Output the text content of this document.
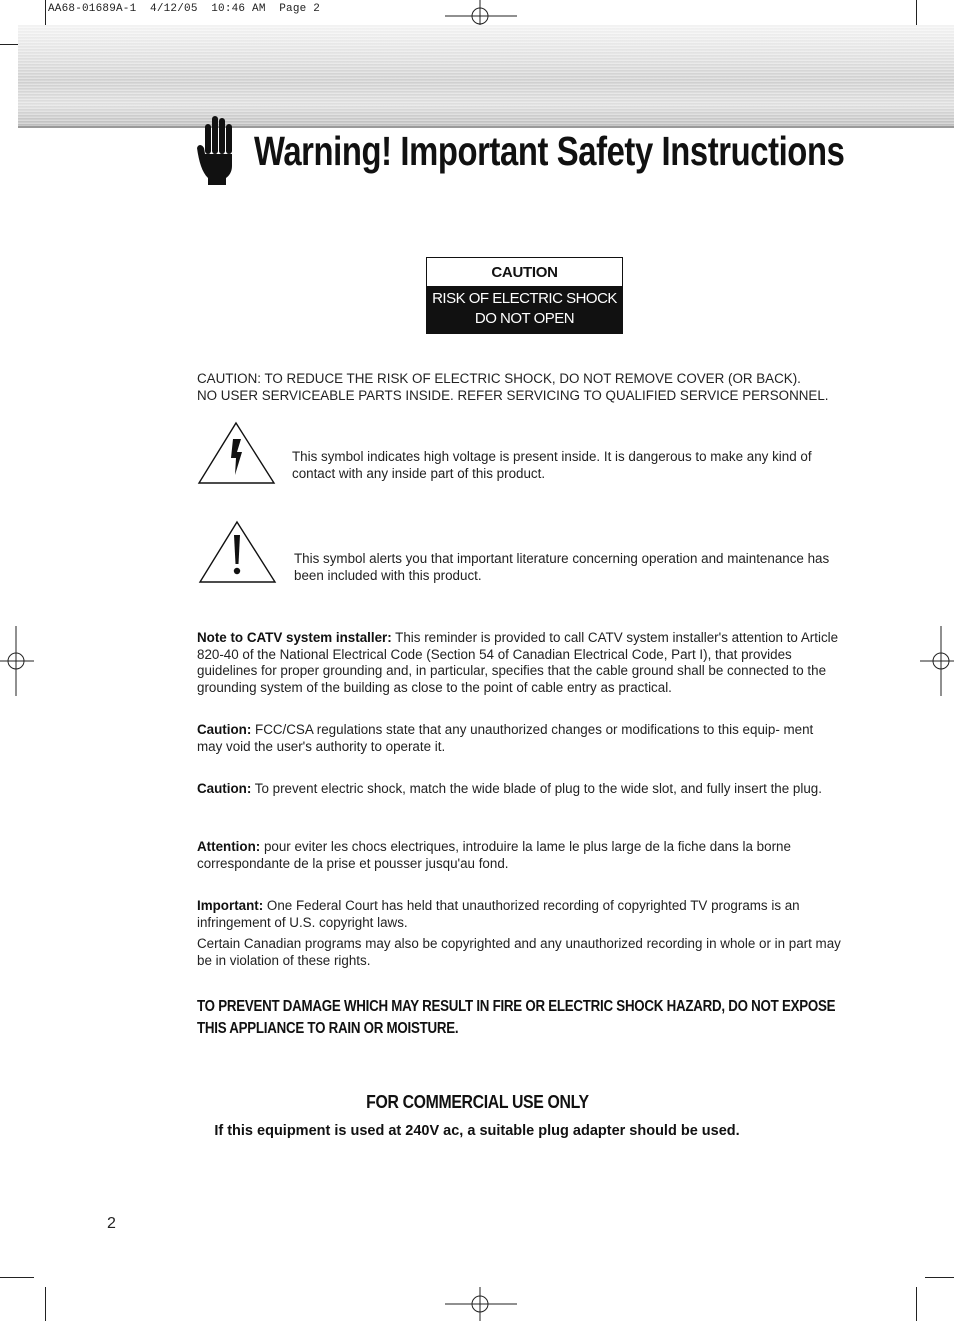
AA68-01689A-1  4/12/05  10:46 AM  Page 2
Warning! Important Safety Instructions
CAUTION
RISK OF ELECTRIC SHOCK
DO NOT OPEN
CAUTION: TO REDUCE THE RISK OF ELECTRIC SHOCK, DO NOT REMOVE COVER (OR BACK).
NO USER SERVICEABLE PARTS INSIDE. REFER SERVICING TO QUALIFIED SERVICE PERSONNEL.
This symbol indicates high voltage is present inside. It is dangerous to make any kind of contact with any inside part of this product.
This symbol alerts you that important literature concerning operation and maintenance has been included with this product.

Note to CATV system installer: This reminder is provided to call CATV system installer's attention to Article 820-40 of the National Electrical Code (Section 54 of Canadian Electrical Code, Part I), that provides guidelines for proper grounding and, in particular, specifies that the cable ground shall be connected to the grounding system of the building as close to the point of cable entry as practical.

Caution: FCC/CSA regulations state that any unauthorized changes or modifications to this equip- ment may void the user's authority to operate it.

Caution: To prevent electric shock, match the wide blade of plug to the wide slot, and fully insert the plug.

Attention: pour eviter les chocs electriques, introduire la lame le plus large de la fiche dans la borne correspondante de la prise et pousser jusqu'au fond.

Important: One Federal Court has held that unauthorized recording of copyrighted TV programs is an infringement of U.S. copyright laws.

Certain Canadian programs may also be copyrighted and any unauthorized recording in whole or in part may be in violation of these rights.

TO PREVENT DAMAGE WHICH MAY RESULT IN FIRE OR ELECTRIC SHOCK HAZARD, DO NOT EXPOSE
THIS APPLIANCE TO RAIN OR MOISTURE.
FOR COMMERCIAL USE ONLY
If this equipment is used at 240V ac, a suitable plug adapter should be used.
2
